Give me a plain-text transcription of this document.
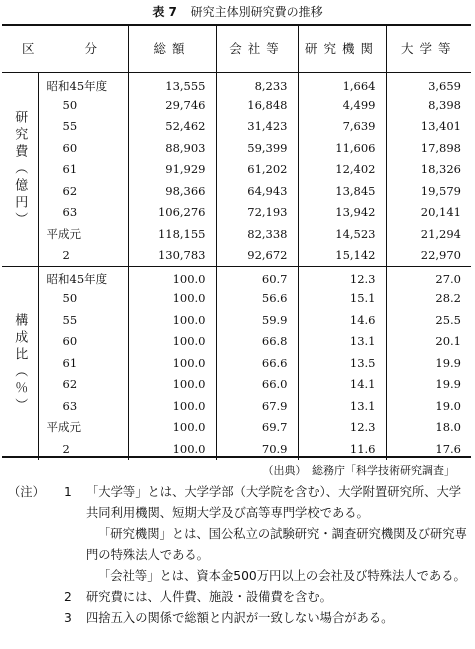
表 7 研究主体別研究費の推移
区 分		総額	会社等	研究機関	大学等
研究費（億円）	昭和45年度	13,555	8,233	1,664	3,659
	50	29,746	16,848	4,499	8,398
	55	52,462	31,423	7,639	13,401
	60	88,903	59,399	11,606	17,898
	61	91,929	61,202	12,402	18,326
	62	98,366	64,943	13,845	19,579
	63	106,276	72,193	13,942	20,141
	平成元	118,155	82,338	14,523	21,294
	2	130,783	92,672	15,142	22,970
構成比（％）	昭和45年度	100.0	60.7	12.3	27.0
	50	100.0	56.6	15.1	28.2
	55	100.0	59.9	14.6	25.5
	60	100.0	66.8	13.1	20.1
	61	100.0	66.6	13.5	19.9
	62	100.0	66.0	14.1	19.9
	63	100.0	67.9	13.1	19.0
	平成元	100.0	69.7	12.3	18.0
	2	100.0	70.9	11.6	17.6
（出典）　総務庁「科学技術研究調査」
（注） 1	「大学等」とは、大学学部（大学院を含む）、大学附置研究所、大学共同利用機関、短期大学及び高等専門学校である。
「研究機関」とは、国公私立の試験研究・調査研究機関及び研究専門の特殊法人である。
「会社等」とは、資本金500万円以上の会社及び特殊法人である。
2	研究費には、人件費、施設・設備費を含む。
3	四捨五入の関係で総額と内訳が一致しない場合がある。
